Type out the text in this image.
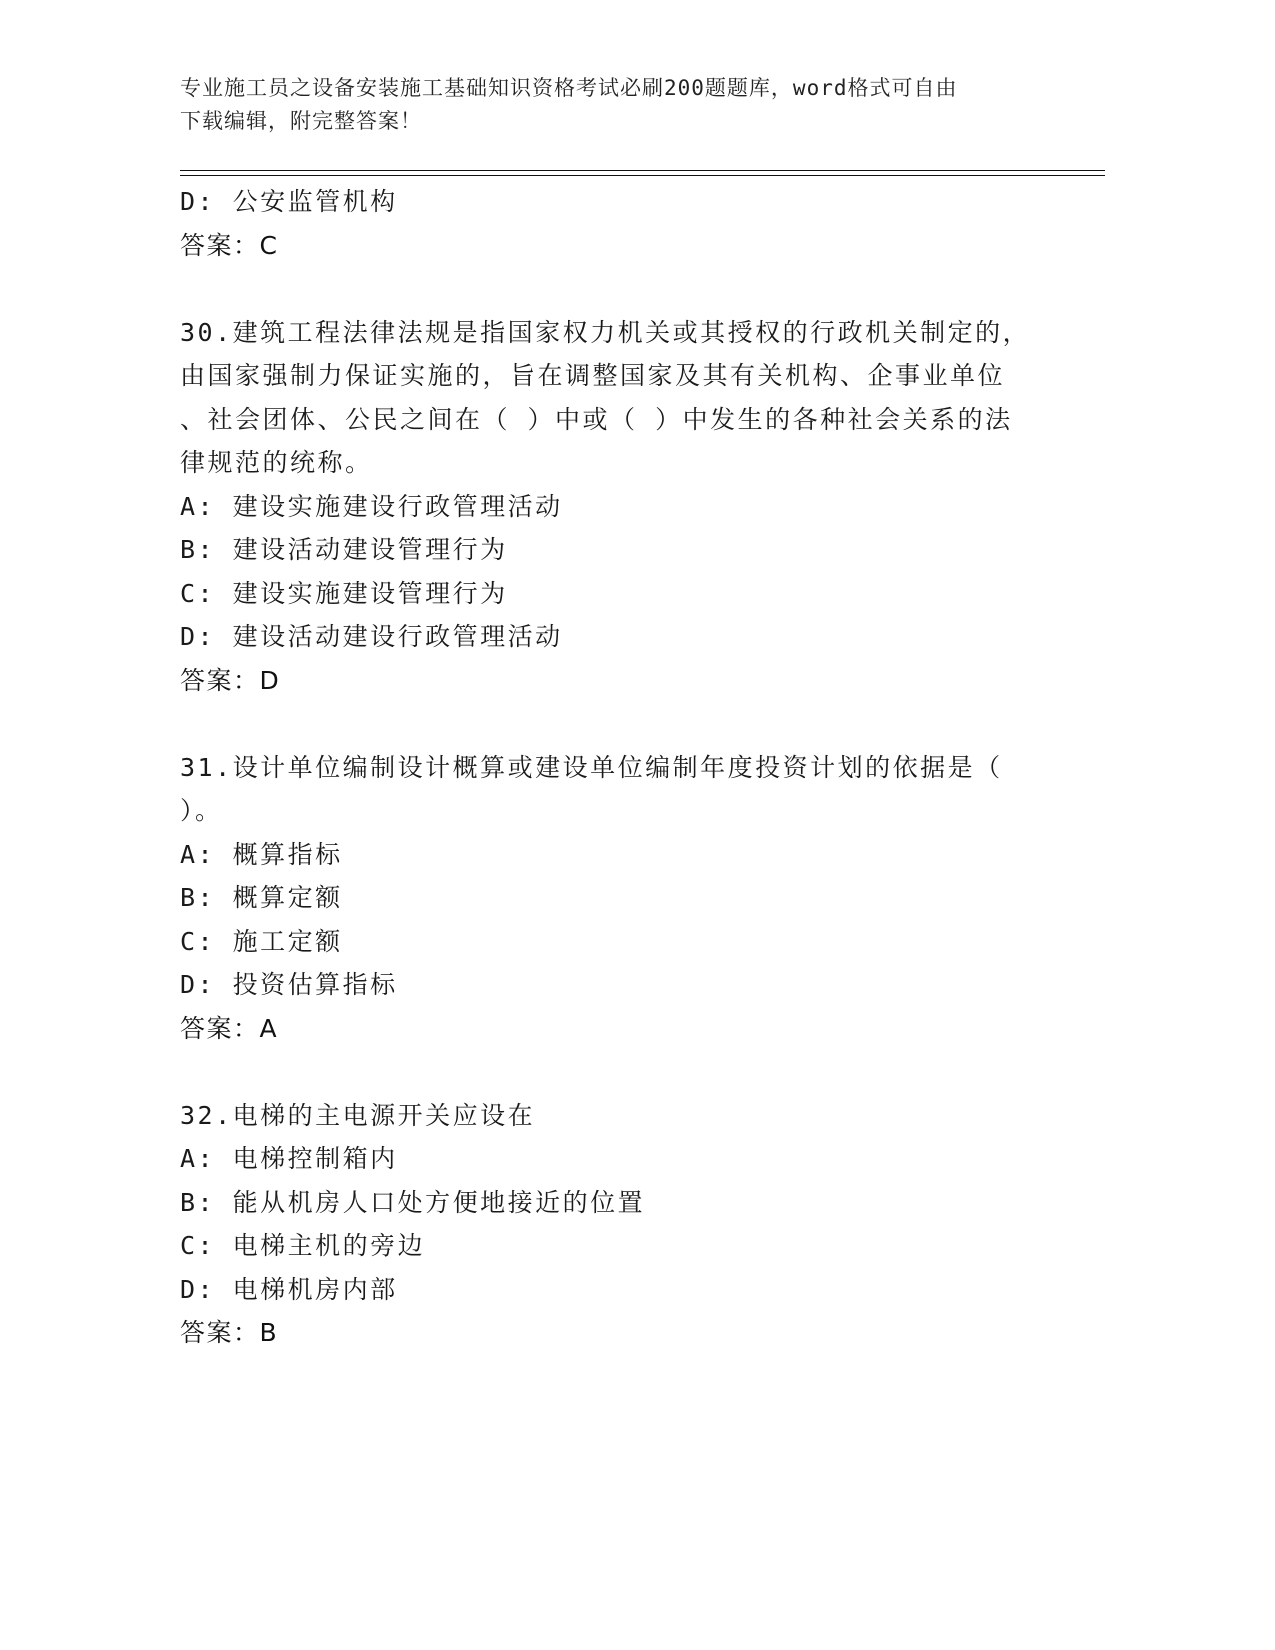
专业施工员之设备安装施工基础知识资格考试必刷200题题库，word格式可自由
下载编辑，附完整答案！
D: 公安监管机构
答案：C
30.建筑工程法律法规是指国家权力机关或其授权的行政机关制定的，
由国家强制力保证实施的，旨在调整国家及其有关机构、企事业单位
、社会团体、公民之间在（ ）中或（ ）中发生的各种社会关系的法
律规范的统称。
A: 建设实施建设行政管理活动
B: 建设活动建设管理行为
C: 建设实施建设管理行为
D: 建设活动建设行政管理活动
答案：D
31.设计单位编制设计概算或建设单位编制年度投资计划的依据是（
）。
A: 概算指标
B: 概算定额
C: 施工定额
D: 投资估算指标
答案：A
32.电梯的主电源开关应设在
A: 电梯控制箱内
B: 能从机房人口处方便地接近的位置
C: 电梯主机的旁边
D: 电梯机房内部
答案：B
